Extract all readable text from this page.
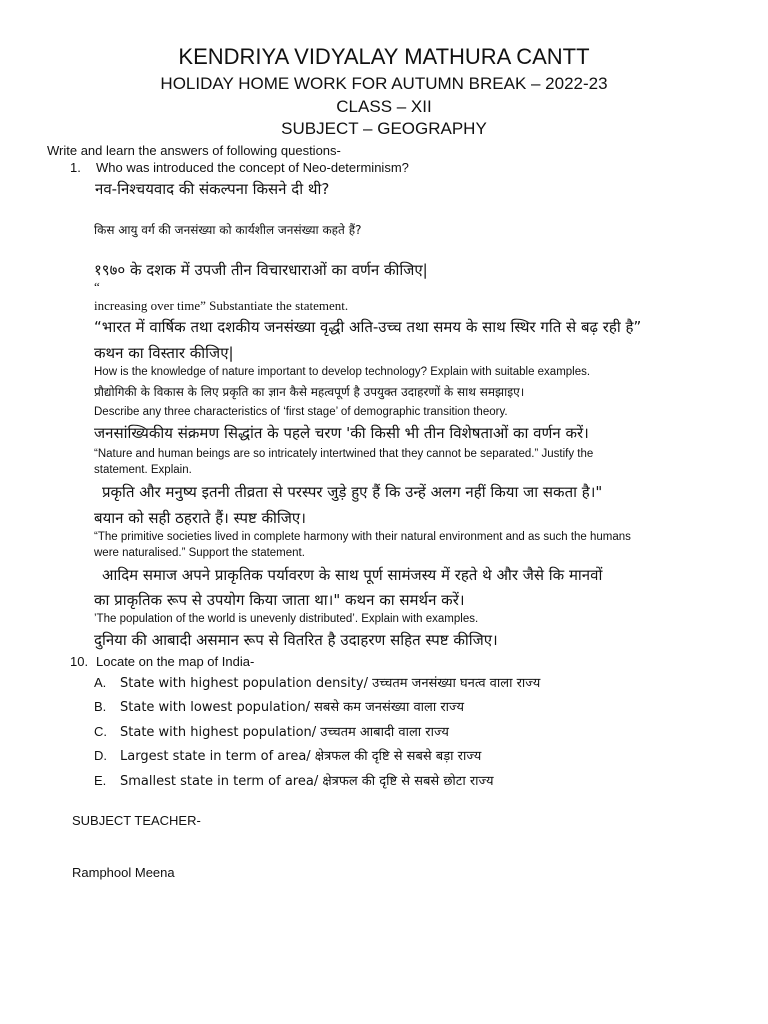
KENDRIYA VIDYALAY MATHURA CANTT
HOLIDAY HOME WORK FOR AUTUMN BREAK – 2022-23
CLASS – XII
SUBJECT – GEOGRAPHY
Write and learn the answers of following questions-
1. Who was introduced the concept of Neo-determinism?
नव-निश्चयवाद की संकल्पना किसने दी थी?
किस आयु वर्ग की जनसंख्या को कार्यशील जनसंख्या कहते हैं?
१९७० के दशक में उपजी तीन विचारधाराओं का वर्णन कीजिए|
“
increasing over time” Substantiate the statement.
“भारत में वार्षिक तथा दशकीय जनसंख्या वृद्धी अति-उच्च तथा समय के साथ स्थिर गति से बढ़ रही है”
कथन का विस्तार कीजिए|
How is the knowledge of nature important to develop technology? Explain with suitable examples.
प्रौद्योगिकी के विकास के लिए प्रकृति का ज्ञान कैसे महत्वपूर्ण है उपयुक्त उदाहरणों के साथ समझाइए।
Describe any three characteristics of ‘first stage’ of demographic transition theory.
जनसांख्यिकीय संक्रमण सिद्धांत के पहले चरण 'की किसी भी तीन विशेषताओं का वर्णन करें।
“Nature and human beings are so intricately intertwined that they cannot be separated.” Justify the
statement. Explain.
प्रकृति और मनुष्य इतनी तीव्रता से परस्पर जुड़े हुए हैं कि उन्हें अलग नहीं किया जा सकता है।"
बयान को सही ठहराते हैं। स्पष्ट कीजिए।
“The primitive societies lived in complete harmony with their natural environment and as such the humans
were naturalised.” Support the statement.
आदिम समाज अपने प्राकृतिक पर्यावरण के साथ पूर्ण सामंजस्य में रहते थे और जैसे कि मानवों
का प्राकृतिक रूप से उपयोग किया जाता था।" कथन का समर्थन करें।
’The population of the world is unevenly distributed’. Explain with examples.
दुनिया की आबादी असमान रूप से वितरित है उदाहरण सहित स्पष्ट कीजिए।
10. Locate on the map of India-
A. State with highest population density/ उच्चतम जनसंख्या घनत्व वाला राज्य
B. State with lowest population/ सबसे कम जनसंख्या वाला राज्य
C. State with highest population/ उच्चतम आबादी वाला राज्य
D. Largest state in term of area/ क्षेत्रफल की दृष्टि से सबसे बड़ा राज्य
E. Smallest state in term of area/ क्षेत्रफल की दृष्टि से सबसे छोटा राज्य
SUBJECT TEACHER-
Ramphool Meena
